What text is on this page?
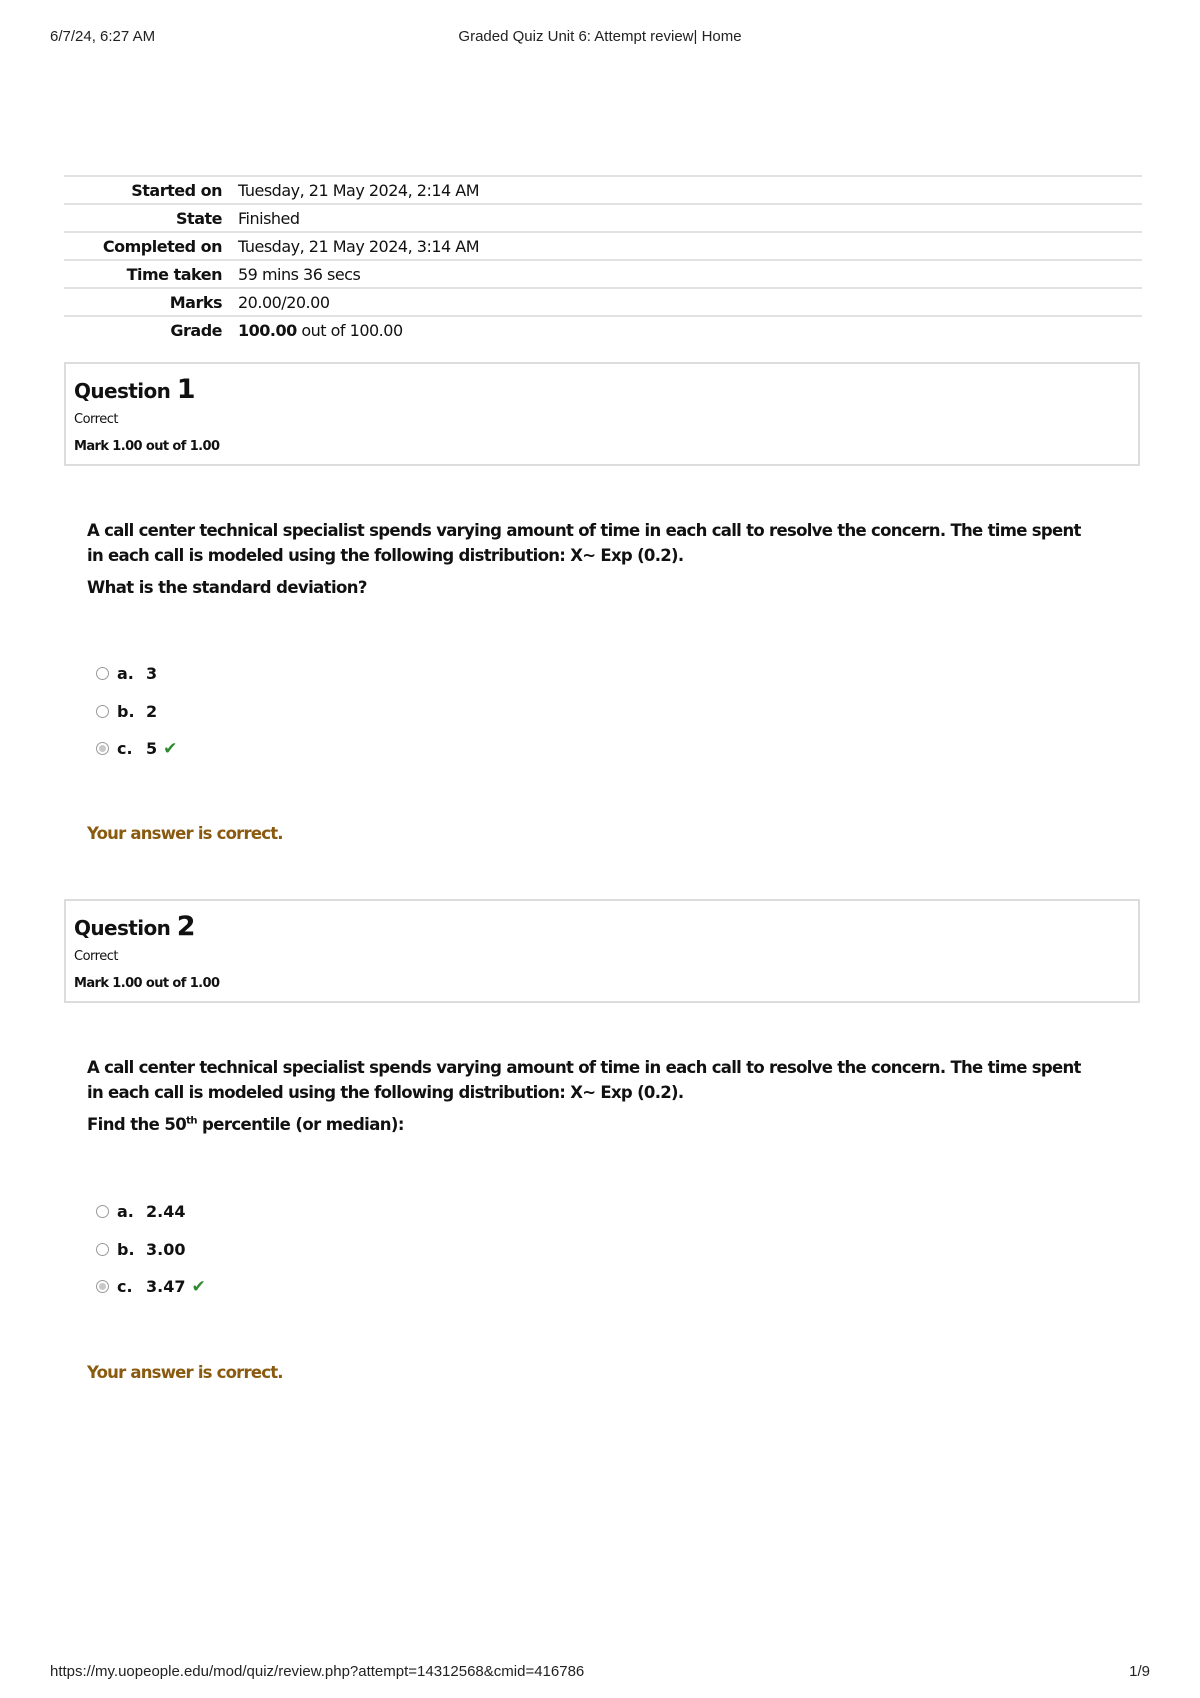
6/7/24, 6:27 AM	Graded Quiz Unit 6: Attempt review| Home
Started on	Tuesday, 21 May 2024, 2:14 AM
State	Finished
Completed on	Tuesday, 21 May 2024, 3:14 AM
Time taken	59 mins 36 secs
Marks	20.00/20.00
Grade	100.00 out of 100.00
Question 1
Correct
Mark 1.00 out of 1.00
A call center technical specialist spends varying amount of time in each call to resolve the concern. The time spent in each call is modeled using the following distribution: X~ Exp (0.2).
What is the standard deviation?
a. 3
b. 2
c. 5 ✔
Your answer is correct.
Question 2
Correct
Mark 1.00 out of 1.00
A call center technical specialist spends varying amount of time in each call to resolve the concern. The time spent in each call is modeled using the following distribution: X~ Exp (0.2).
Find the 50th percentile (or median):
a. 2.44
b. 3.00
c. 3.47 ✔
Your answer is correct.
https://my.uopeople.edu/mod/quiz/review.php?attempt=14312568&cmid=416786	1/9
